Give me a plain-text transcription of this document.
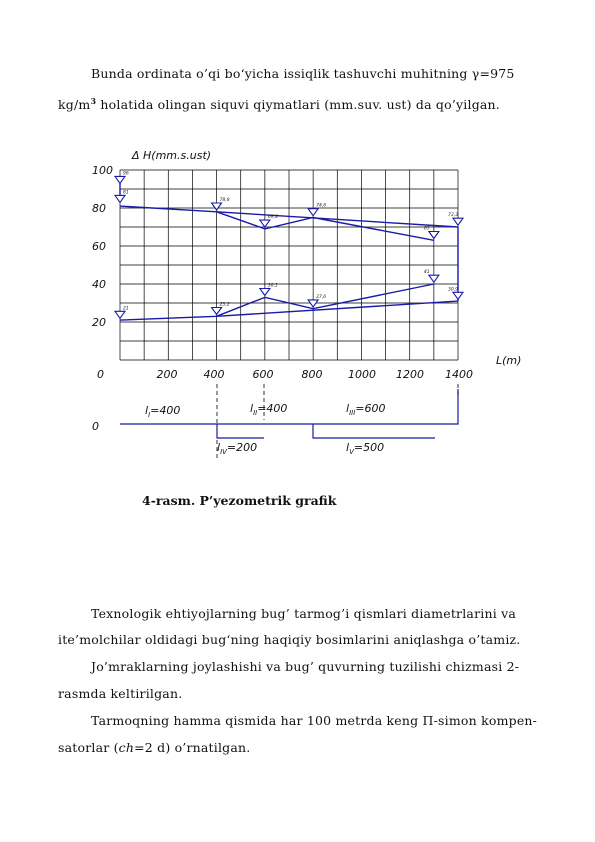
Bunda ordinata o’qi bo‘yicha issiqlik tashuvchi muhitning γ=975
$kg/m^3$ holatida olingan siquvi qiymatlari (mm.suv. ust) da qo’yilgan.
Δ H(mm.s.ust)
L(m)
100
80
60
40
20
0	200 400	600	800 1000 1200 1400
96
81
78,8
69,8
74,6
65
73,3
21
23,2
30,1
27,6
41
30,9
0
$l_I=400$	$l_{II}=400$	$l_{III}=600$
$l_{IV}=200$	$l_V=500$
4-rasm. P’yezometrik grafik
Texnologik ehtiyojlarning bug’ tarmog’i qismlari diametrlarini va
ite’molchilar oldidagi bug‘ning haqiqiy bosimlarini aniqlashga o’tamiz.
Jo’mraklarning joylashishi va bug’ quvurning tuzilishi chizmasi 2-
rasmda keltirilgan.
Tarmoqning hamma qismida har 100 metrda keng Π-simon kompen-
satorlar (ch=2 d) o’rnatilgan.
